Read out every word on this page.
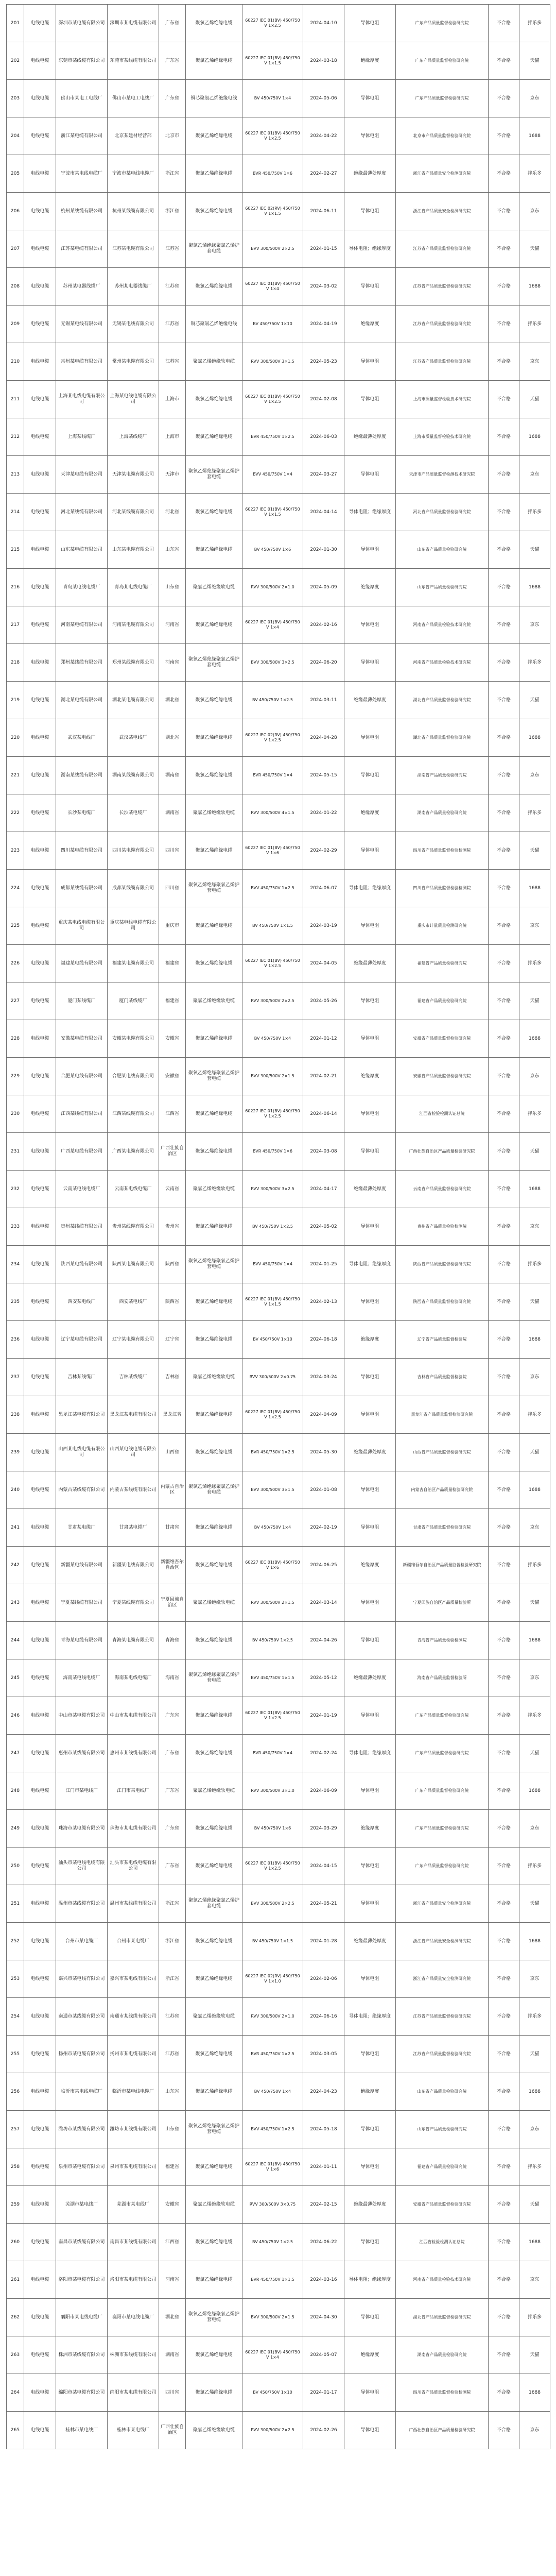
201	电线电缆	深圳市某电缆有限公司	深圳市某电缆有限公司	广东省	聚氯乙烯绝缘电缆	60227 IEC 01(BV) 450/750V 1×2.5	2024-04-10	导体电阻	广东产品质量监督检验研究院	不合格	拌乐多
202	电线电缆	东莞市某线缆有限公司	东莞市某线缆有限公司	广东省	聚氯乙烯绝缘电缆	60227 IEC 01(BV) 450/750V 1×1.5	2024-03-18	绝缘厚度	广东产品质量监督检验研究院	不合格	天猫
203	电线电缆	佛山市某电工电线厂	佛山市某电工电线厂	广东省	铜芯聚氯乙烯绝缘电线	BV 450/750V 1×4	2024-05-06	导体电阻	广东产品质量监督检验研究院	不合格	京东
204	电线电缆	浙江某电缆有限公司	北京某建材经营部	北京市	聚氯乙烯绝缘电缆	60227 IEC 01(BV) 450/750V 1×2.5	2024-04-22	导体电阻	北京市产品质量监督检验研究院	不合格	1688
205	电线电缆	宁波市某电线电缆厂	宁波市某电线电缆厂	浙江省	聚氯乙烯绝缘电缆	BVR 450/750V 1×6	2024-02-27	绝缘最薄处厚度	浙江省产品质量安全检测研究院	不合格	拌乐多
206	电线电缆	杭州某线缆有限公司	杭州某线缆有限公司	浙江省	聚氯乙烯绝缘电缆	60227 IEC 02(RV) 450/750V 1×1.5	2024-06-11	导体电阻	浙江省产品质量安全检测研究院	不合格	京东
207	电线电缆	江苏某电缆有限公司	江苏某电缆有限公司	江苏省	聚氯乙烯绝缘聚氯乙烯护套电缆	BVV 300/500V 2×2.5	2024-01-15	导体电阻；绝缘厚度	江苏省产品质量监督检验研究院	不合格	天猫
208	电线电缆	苏州某电器线缆厂	苏州某电器线缆厂	江苏省	聚氯乙烯绝缘电缆	60227 IEC 01(BV) 450/750V 1×4	2024-03-02	导体电阻	江苏省产品质量监督检验研究院	不合格	1688
209	电线电缆	无锡某电线有限公司	无锡某电线有限公司	江苏省	铜芯聚氯乙烯绝缘电线	BV 450/750V 1×10	2024-04-19	绝缘厚度	江苏省产品质量监督检验研究院	不合格	拌乐多
210	电线电缆	常州某电缆有限公司	常州某电缆有限公司	江苏省	聚氯乙烯绝缘软电缆	RVV 300/500V 3×1.5	2024-05-23	导体电阻	江苏省产品质量监督检验研究院	不合格	京东
211	电线电缆	上海某电线电缆有限公司	上海某电线电缆有限公司	上海市	聚氯乙烯绝缘电缆	60227 IEC 01(BV) 450/750V 1×2.5	2024-02-08	导体电阻	上海市质量监督检验技术研究院	不合格	天猫
212	电线电缆	上海某线缆厂	上海某线缆厂	上海市	聚氯乙烯绝缘电缆	BVR 450/750V 1×2.5	2024-06-03	绝缘最薄处厚度	上海市质量监督检验技术研究院	不合格	1688
213	电线电缆	天津某电缆有限公司	天津某电缆有限公司	天津市	聚氯乙烯绝缘聚氯乙烯护套电缆	BVV 450/750V 1×4	2024-03-27	导体电阻	天津市产品质量监督检测技术研究院	不合格	京东
214	电线电缆	河北某线缆有限公司	河北某线缆有限公司	河北省	聚氯乙烯绝缘电缆	60227 IEC 01(BV) 450/750V 1×1.5	2024-04-14	导体电阻；绝缘厚度	河北省产品质量监督检验研究院	不合格	拌乐多
215	电线电缆	山东某电缆有限公司	山东某电缆有限公司	山东省	聚氯乙烯绝缘电缆	BV 450/750V 1×6	2024-01-30	导体电阻	山东省产品质量检验研究院	不合格	天猫
216	电线电缆	青岛某电线电缆厂	青岛某电线电缆厂	山东省	聚氯乙烯绝缘软电缆	RVV 300/500V 2×1.0	2024-05-09	绝缘厚度	山东省产品质量检验研究院	不合格	1688
217	电线电缆	河南某电缆有限公司	河南某电缆有限公司	河南省	聚氯乙烯绝缘电缆	60227 IEC 01(BV) 450/750V 1×4	2024-02-16	导体电阻	河南省产品质量检验技术研究院	不合格	京东
218	电线电缆	郑州某线缆有限公司	郑州某线缆有限公司	河南省	聚氯乙烯绝缘聚氯乙烯护套电缆	BVV 300/500V 3×2.5	2024-06-20	导体电阻	河南省产品质量检验技术研究院	不合格	拌乐多
219	电线电缆	湖北某电缆有限公司	湖北某电缆有限公司	湖北省	聚氯乙烯绝缘电缆	BV 450/750V 1×2.5	2024-03-11	绝缘最薄处厚度	湖北省产品质量监督检验研究院	不合格	天猫
220	电线电缆	武汉某电线厂	武汉某电线厂	湖北省	聚氯乙烯绝缘电缆	60227 IEC 02(RV) 450/750V 1×2.5	2024-04-28	导体电阻	湖北省产品质量监督检验研究院	不合格	1688
221	电线电缆	湖南某线缆有限公司	湖南某线缆有限公司	湖南省	聚氯乙烯绝缘电缆	BVR 450/750V 1×4	2024-05-15	导体电阻	湖南省产品质量检验研究院	不合格	京东
222	电线电缆	长沙某电缆厂	长沙某电缆厂	湖南省	聚氯乙烯绝缘软电缆	RVV 300/500V 4×1.5	2024-01-22	绝缘厚度	湖南省产品质量检验研究院	不合格	拌乐多
223	电线电缆	四川某电缆有限公司	四川某电缆有限公司	四川省	聚氯乙烯绝缘电缆	60227 IEC 01(BV) 450/750V 1×6	2024-02-29	导体电阻	四川省产品质量监督检验检测院	不合格	天猫
224	电线电缆	成都某线缆有限公司	成都某线缆有限公司	四川省	聚氯乙烯绝缘聚氯乙烯护套电缆	BVV 450/750V 1×2.5	2024-06-07	导体电阻；绝缘厚度	四川省产品质量监督检验检测院	不合格	1688
225	电线电缆	重庆某电线电缆有限公司	重庆某电线电缆有限公司	重庆市	聚氯乙烯绝缘电缆	BV 450/750V 1×1.5	2024-03-19	导体电阻	重庆市计量质量检测研究院	不合格	京东
226	电线电缆	福建某电缆有限公司	福建某电缆有限公司	福建省	聚氯乙烯绝缘电缆	60227 IEC 01(BV) 450/750V 1×2.5	2024-04-05	绝缘最薄处厚度	福建省产品质量检验研究院	不合格	拌乐多
227	电线电缆	厦门某线缆厂	厦门某线缆厂	福建省	聚氯乙烯绝缘软电缆	RVV 300/500V 2×2.5	2024-05-26	导体电阻	福建省产品质量检验研究院	不合格	天猫
228	电线电缆	安徽某电缆有限公司	安徽某电缆有限公司	安徽省	聚氯乙烯绝缘电缆	BV 450/750V 1×4	2024-01-12	导体电阻	安徽省产品质量监督检验研究院	不合格	1688
229	电线电缆	合肥某电线有限公司	合肥某电线有限公司	安徽省	聚氯乙烯绝缘聚氯乙烯护套电缆	BVV 300/500V 2×1.5	2024-02-21	绝缘厚度	安徽省产品质量监督检验研究院	不合格	京东
230	电线电缆	江西某线缆有限公司	江西某线缆有限公司	江西省	聚氯乙烯绝缘电缆	60227 IEC 01(BV) 450/750V 1×2.5	2024-06-14	导体电阻	江西省检验检测认证总院	不合格	拌乐多
231	电线电缆	广西某电缆有限公司	广西某电缆有限公司	广西壮族自治区	聚氯乙烯绝缘电缆	BVR 450/750V 1×6	2024-03-08	导体电阻	广西壮族自治区产品质量检验研究院	不合格	天猫
232	电线电缆	云南某电线电缆厂	云南某电线电缆厂	云南省	聚氯乙烯绝缘软电缆	RVV 300/500V 3×2.5	2024-04-17	绝缘最薄处厚度	云南省产品质量监督检验研究院	不合格	1688
233	电线电缆	贵州某线缆有限公司	贵州某线缆有限公司	贵州省	聚氯乙烯绝缘电缆	BV 450/750V 1×2.5	2024-05-02	导体电阻	贵州省产品质量检验检测院	不合格	京东
234	电线电缆	陕西某电缆有限公司	陕西某电缆有限公司	陕西省	聚氯乙烯绝缘聚氯乙烯护套电缆	BVV 450/750V 1×4	2024-01-25	导体电阻；绝缘厚度	陕西省产品质量监督检验研究院	不合格	拌乐多
235	电线电缆	西安某电线厂	西安某电线厂	陕西省	聚氯乙烯绝缘电缆	60227 IEC 01(BV) 450/750V 1×1.5	2024-02-13	导体电阻	陕西省产品质量监督检验研究院	不合格	天猫
236	电线电缆	辽宁某电缆有限公司	辽宁某电缆有限公司	辽宁省	聚氯乙烯绝缘电缆	BV 450/750V 1×10	2024-06-18	绝缘厚度	辽宁省产品质量监督检验院	不合格	1688
237	电线电缆	吉林某线缆厂	吉林某线缆厂	吉林省	聚氯乙烯绝缘软电缆	RVV 300/500V 2×0.75	2024-03-24	导体电阻	吉林省产品质量监督检验院	不合格	京东
238	电线电缆	黑龙江某电缆有限公司	黑龙江某电缆有限公司	黑龙江省	聚氯乙烯绝缘电缆	60227 IEC 01(BV) 450/750V 1×2.5	2024-04-09	导体电阻	黑龙江省产品质量监督检验研究院	不合格	拌乐多
239	电线电缆	山西某电线电缆有限公司	山西某电线电缆有限公司	山西省	聚氯乙烯绝缘电缆	BVR 450/750V 1×2.5	2024-05-30	绝缘最薄处厚度	山西省产品质量监督检验研究院	不合格	天猫
240	电线电缆	内蒙古某线缆有限公司	内蒙古某线缆有限公司	内蒙古自治区	聚氯乙烯绝缘聚氯乙烯护套电缆	BVV 300/500V 3×1.5	2024-01-08	导体电阻	内蒙古自治区产品质量检验研究院	不合格	1688
241	电线电缆	甘肃某电缆厂	甘肃某电缆厂	甘肃省	聚氯乙烯绝缘电缆	BV 450/750V 1×4	2024-02-19	导体电阻	甘肃省产品质量监督检验研究院	不合格	京东
242	电线电缆	新疆某电线有限公司	新疆某电线有限公司	新疆维吾尔自治区	聚氯乙烯绝缘电缆	60227 IEC 01(BV) 450/750V 1×6	2024-06-25	绝缘厚度	新疆维吾尔自治区产品质量监督检验研究院	不合格	拌乐多
243	电线电缆	宁夏某线缆有限公司	宁夏某线缆有限公司	宁夏回族自治区	聚氯乙烯绝缘软电缆	RVV 300/500V 2×1.5	2024-03-14	导体电阻	宁夏回族自治区产品质量检验所	不合格	天猫
244	电线电缆	青海某电缆有限公司	青海某电缆有限公司	青海省	聚氯乙烯绝缘电缆	BV 450/750V 1×2.5	2024-04-26	导体电阻	青海省产品质量检验检测院	不合格	1688
245	电线电缆	海南某电线电缆厂	海南某电线电缆厂	海南省	聚氯乙烯绝缘聚氯乙烯护套电缆	BVV 450/750V 1×1.5	2024-05-12	绝缘最薄处厚度	海南省产品质量监督检验所	不合格	京东
246	电线电缆	中山市某电缆有限公司	中山市某电缆有限公司	广东省	聚氯乙烯绝缘电缆	60227 IEC 01(BV) 450/750V 1×2.5	2024-01-19	导体电阻	广东产品质量监督检验研究院	不合格	拌乐多
247	电线电缆	惠州市某线缆有限公司	惠州市某线缆有限公司	广东省	聚氯乙烯绝缘电缆	BVR 450/750V 1×4	2024-02-24	导体电阻；绝缘厚度	广东产品质量监督检验研究院	不合格	天猫
248	电线电缆	江门市某电线厂	江门市某电线厂	广东省	聚氯乙烯绝缘软电缆	RVV 300/500V 3×1.0	2024-06-09	导体电阻	广东产品质量监督检验研究院	不合格	1688
249	电线电缆	珠海市某电缆有限公司	珠海市某电缆有限公司	广东省	聚氯乙烯绝缘电缆	BV 450/750V 1×6	2024-03-29	绝缘厚度	广东产品质量监督检验研究院	不合格	京东
250	电线电缆	汕头市某电线电缆有限公司	汕头市某电线电缆有限公司	广东省	聚氯乙烯绝缘电缆	60227 IEC 01(BV) 450/750V 1×2.5	2024-04-15	导体电阻	广东产品质量监督检验研究院	不合格	拌乐多
251	电线电缆	温州市某线缆有限公司	温州市某线缆有限公司	浙江省	聚氯乙烯绝缘聚氯乙烯护套电缆	BVV 300/500V 2×2.5	2024-05-21	导体电阻	浙江省产品质量安全检测研究院	不合格	天猫
252	电线电缆	台州市某电缆厂	台州市某电缆厂	浙江省	聚氯乙烯绝缘电缆	BV 450/750V 1×1.5	2024-01-28	绝缘最薄处厚度	浙江省产品质量安全检测研究院	不合格	1688
253	电线电缆	嘉兴市某电线有限公司	嘉兴市某电线有限公司	浙江省	聚氯乙烯绝缘电缆	60227 IEC 02(RV) 450/750V 1×1.0	2024-02-06	导体电阻	浙江省产品质量安全检测研究院	不合格	京东
254	电线电缆	南通市某线缆有限公司	南通市某线缆有限公司	江苏省	聚氯乙烯绝缘软电缆	RVV 300/500V 2×1.0	2024-06-16	导体电阻；绝缘厚度	江苏省产品质量监督检验研究院	不合格	拌乐多
255	电线电缆	扬州市某电缆有限公司	扬州市某电缆有限公司	江苏省	聚氯乙烯绝缘电缆	BVR 450/750V 1×2.5	2024-03-05	导体电阻	江苏省产品质量监督检验研究院	不合格	天猫
256	电线电缆	临沂市某电线电缆厂	临沂市某电线电缆厂	山东省	聚氯乙烯绝缘电缆	BV 450/750V 1×4	2024-04-23	绝缘厚度	山东省产品质量检验研究院	不合格	1688
257	电线电缆	潍坊市某线缆有限公司	潍坊市某线缆有限公司	山东省	聚氯乙烯绝缘聚氯乙烯护套电缆	BVV 450/750V 1×2.5	2024-05-18	导体电阻	山东省产品质量检验研究院	不合格	京东
258	电线电缆	泉州市某电缆有限公司	泉州市某电缆有限公司	福建省	聚氯乙烯绝缘电缆	60227 IEC 01(BV) 450/750V 1×6	2024-01-11	导体电阻	福建省产品质量检验研究院	不合格	拌乐多
259	电线电缆	芜湖市某电线厂	芜湖市某电线厂	安徽省	聚氯乙烯绝缘软电缆	RVV 300/500V 3×0.75	2024-02-15	绝缘最薄处厚度	安徽省产品质量监督检验研究院	不合格	天猫
260	电线电缆	南昌市某线缆有限公司	南昌市某线缆有限公司	江西省	聚氯乙烯绝缘电缆	BV 450/750V 1×2.5	2024-06-22	导体电阻	江西省检验检测认证总院	不合格	1688
261	电线电缆	洛阳市某电缆有限公司	洛阳市某电缆有限公司	河南省	聚氯乙烯绝缘电缆	BVR 450/750V 1×1.5	2024-03-16	导体电阻；绝缘厚度	河南省产品质量检验技术研究院	不合格	京东
262	电线电缆	襄阳市某电线电缆厂	襄阳市某电线电缆厂	湖北省	聚氯乙烯绝缘聚氯乙烯护套电缆	BVV 300/500V 2×1.5	2024-04-30	导体电阻	湖北省产品质量监督检验研究院	不合格	拌乐多
263	电线电缆	株洲市某线缆有限公司	株洲市某线缆有限公司	湖南省	聚氯乙烯绝缘电缆	60227 IEC 01(BV) 450/750V 1×4	2024-05-07	绝缘厚度	湖南省产品质量检验研究院	不合格	天猫
264	电线电缆	绵阳市某电缆有限公司	绵阳市某电缆有限公司	四川省	聚氯乙烯绝缘电缆	BV 450/750V 1×10	2024-01-17	导体电阻	四川省产品质量监督检验检测院	不合格	1688
265	电线电缆	桂林市某电线厂	桂林市某电线厂	广西壮族自治区	聚氯乙烯绝缘软电缆	RVV 300/500V 2×2.5	2024-02-26	导体电阻	广西壮族自治区产品质量检验研究院	不合格	京东
